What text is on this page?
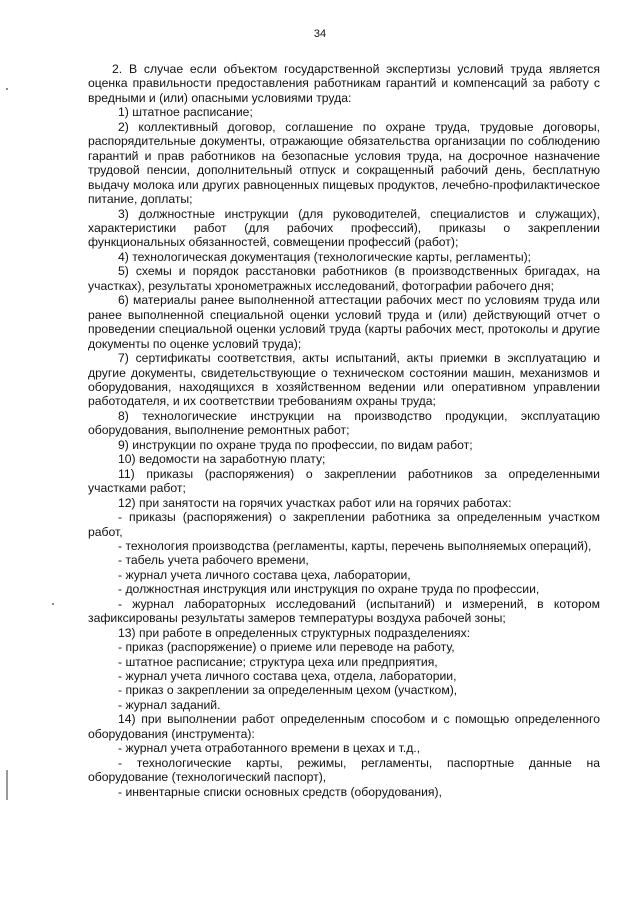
34

2. В случае если объектом государственной экспертизы условий труда является оценка правильности предоставления работникам гарантий и компенсаций за работу с вредными и (или) опасными условиями труда:

1) штатное расписание;

2) коллективный договор, соглашение по охране труда, трудовые договоры, распорядительные документы, отражающие обязательства организации по соблюдению гарантий и прав работников на безопасные условия труда, на досрочное назначение трудовой пенсии, дополнительный отпуск и сокращенный рабочий день, бесплатную выдачу молока или других равноценных пищевых продуктов, лечебно-профилактическое питание, доплаты;

3) должностные инструкции (для руководителей, специалистов и служащих), характеристики работ (для рабочих профессий), приказы о закреплении функциональных обязанностей, совмещении профессий (работ);

4) технологическая документация (технологические карты, регламенты);

5) схемы и порядок расстановки работников (в производственных бригадах, на участках), результаты хронометражных исследований, фотографии рабочего дня;

6) материалы ранее выполненной аттестации рабочих мест по условиям труда или ранее выполненной специальной оценки условий труда и (или) действующий отчет о проведении специальной оценки условий труда (карты рабочих мест, протоколы и другие документы по оценке условий труда);

7) сертификаты соответствия, акты испытаний, акты приемки в эксплуатацию и другие документы, свидетельствующие о техническом состоянии машин, механизмов и оборудования, находящихся в хозяйственном ведении или оперативном управлении работодателя, и их соответствии требованиям охраны труда;

8) технологические инструкции на производство продукции, эксплуатацию оборудования, выполнение ремонтных работ;

9) инструкции по охране труда по профессии, по видам работ;

10) ведомости на заработную плату;

11) приказы (распоряжения) о закреплении работников за определенными участками работ;

12) при занятости на горячих участках работ или на горячих работах:

- приказы (распоряжения) о закреплении работника за определенным участком работ,

- технология производства (регламенты, карты, перечень выполняемых операций),

- табель учета рабочего времени,

- журнал учета личного состава цеха, лаборатории,

- должностная инструкция или инструкция по охране труда по профессии,

- журнал лабораторных исследований (испытаний) и измерений, в котором зафиксированы результаты замеров температуры воздуха рабочей зоны;

13) при работе в определенных структурных подразделениях:

- приказ (распоряжение) о приеме или переводе на работу,

- штатное расписание; структура цеха или предприятия,

- журнал учета личного состава цеха, отдела, лаборатории,

- приказ о закреплении за определенным цехом (участком),

- журнал заданий.

14) при выполнении работ определенным способом и с помощью определенного оборудования (инструмента):

- журнал учета отработанного времени в цехах и т.д.,

- технологические карты, режимы, регламенты, паспортные данные на оборудование (технологический паспорт),

- инвентарные списки основных средств (оборудования),
